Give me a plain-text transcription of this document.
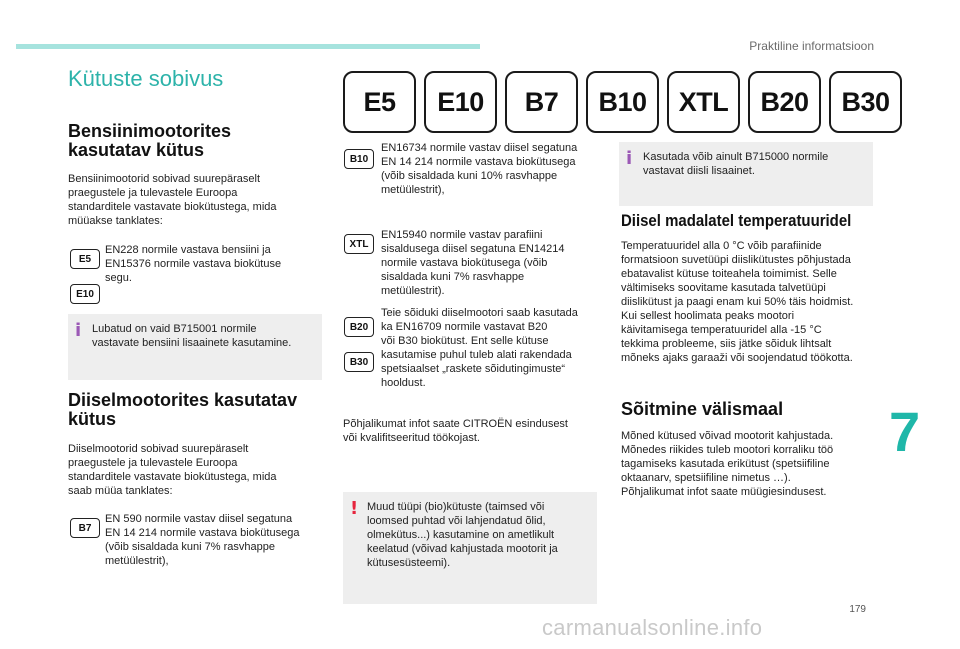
Praktiline informatsioon
7
179
carmanualsonline.info
Kütuste sobivus
E5	E10	B7	B10	XTL	B20	B30
Bensiinimootorites
kasutatav kütus
Bensiinimootorid sobivad suurepäraselt
praegustele ja tulevastele Euroopa
standarditele vastavate biokütustega, mida
müüakse tanklates:
E5
E10
EN228 normile vastava bensiini ja
EN15376 normile vastava biokütuse
segu.
i Lubatud on vaid B715001 normile
vastavate bensiini lisaainete kasutamine.
Diiselmootorites kasutatav
kütus
Diiselmootorid sobivad suurepäraselt
praegustele ja tulevastele Euroopa
standarditele vastavate biokütustega, mida
saab müüa tanklates:
B7
EN 590 normile vastav diisel segatuna
EN 14 214 normile vastava biokütusega
(võib sisaldada kuni 7% rasvhappe
metüülestrit),
B10
EN16734 normile vastav diisel segatuna
EN 14 214 normile vastava biokütusega
(võib sisaldada kuni 10% rasvhappe
metüülestrit),
XTL
EN15940 normile vastav parafiini
sisaldusega diisel segatuna EN14214
normile vastava biokütusega (võib
sisaldada kuni 7% rasvhappe
metüülestrit).
B20
B30
Teie sõiduki diiselmootori saab kasutada
ka EN16709 normile vastavat B20
või B30 biokütust. Ent selle kütuse
kasutamise puhul tuleb alati rakendada
spetsiaalset „raskete sõidutingimuste“
hooldust.
Põhjalikumat infot saate CITROËN esindusest
või kvalifitseeritud töökojast.
! Muud tüüpi (bio)kütuste (taimsed või
loomsed puhtad või lahjendatud õlid,
olmekütus...) kasutamine on ametlikult
keelatud (võivad kahjustada mootorit ja
kütusesüsteemi).
i Kasutada võib ainult B715000 normile
vastavat diisli lisaainet.
Diisel madalatel temperatuuridel
Temperatuuridel alla 0 °C võib parafiinide
formatsioon suvetüüpi diislikütustes põhjustada
ebatavalist kütuse toiteahela toimimist. Selle
vältimiseks soovitame kasutada talvetüüpi
diislikütust ja paagi enam kui 50% täis hoidmist.
Kui sellest hoolimata peaks mootori
käivitamisega temperatuuridel alla -15 °C
tekkima probleeme, siis jätke sõiduk lihtsalt
mõneks ajaks garaaži või soojendatud töökotta.
Sõitmine välismaal
Mõned kütused võivad mootorit kahjustada.
Mõnedes riikides tuleb mootori korraliku töö
tagamiseks kasutada erikütust (spetsiifiline
oktaanarv, spetsiifiline nimetus …).
Põhjalikumat infot saate müügiesindusest.
